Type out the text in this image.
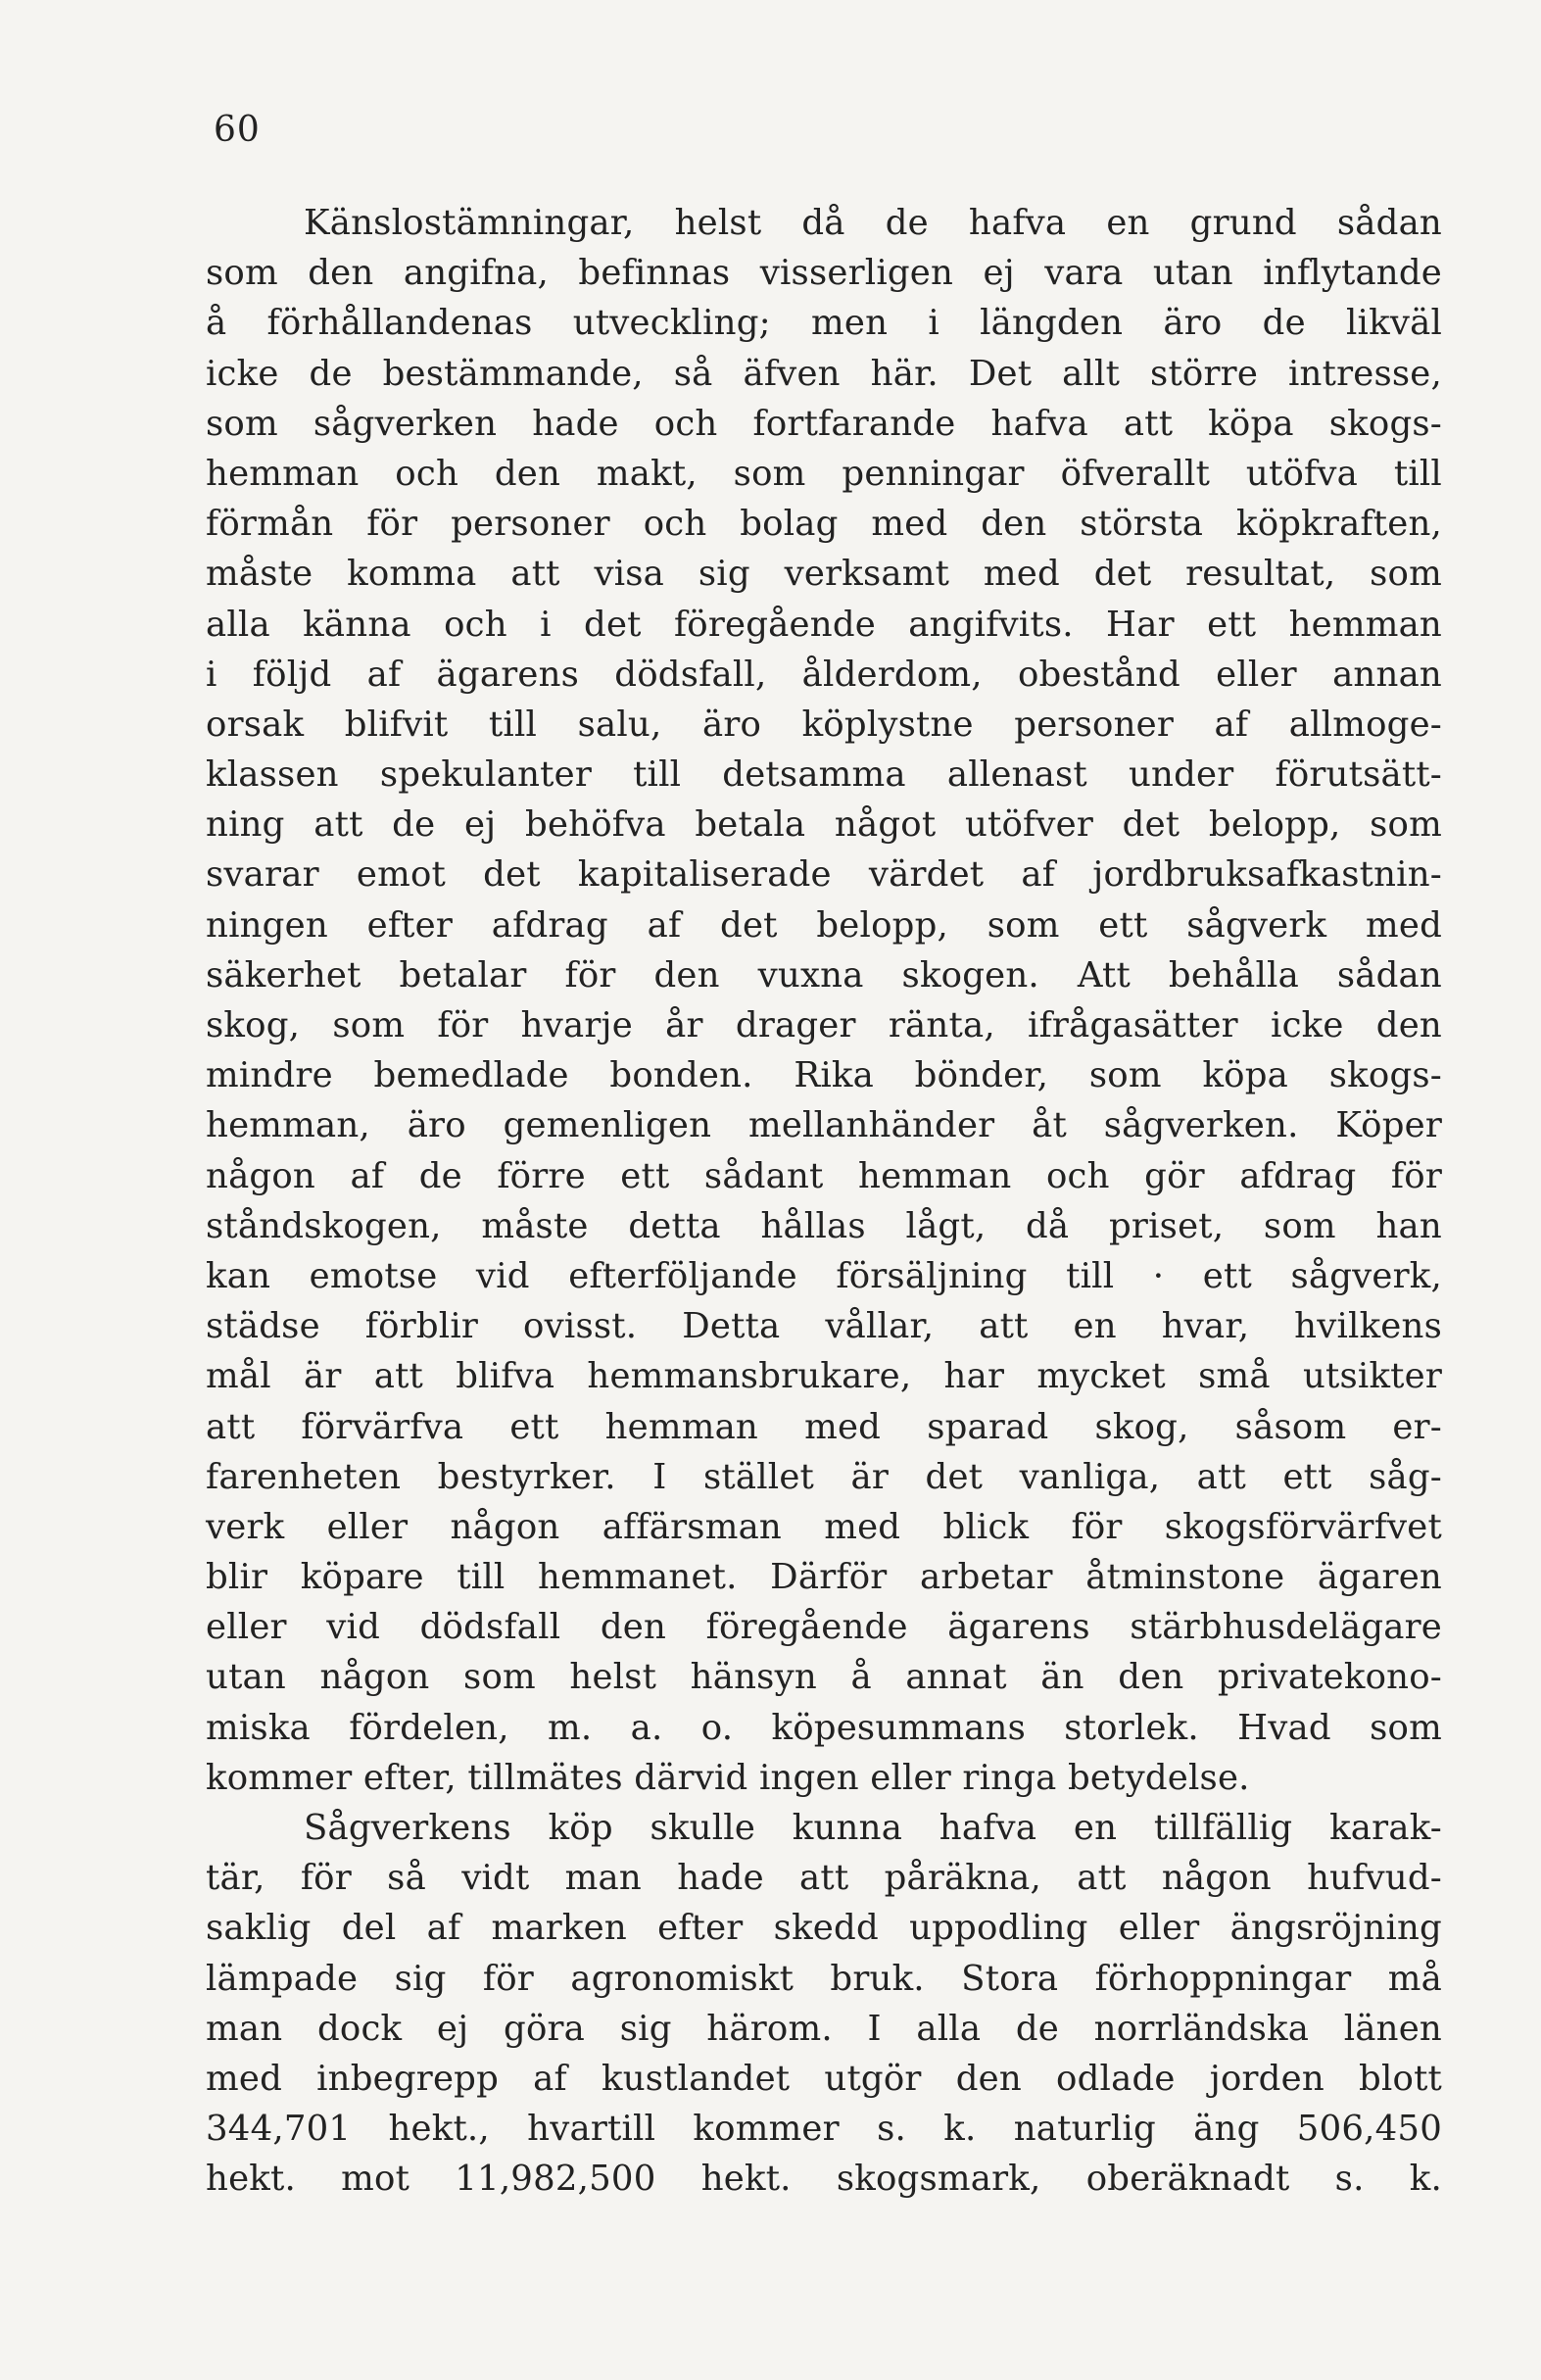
60
Känslostämningar, helst då de hafva en grund sådan
som den angifna, befinnas visserligen ej vara utan inflytande
å förhållandenas utveckling; men i längden äro de likväl
icke de bestämmande, så äfven här. Det allt större intresse,
som sågverken hade och fortfarande hafva att köpa skogs-
hemman och den makt, som penningar öfverallt utöfva till
förmån för personer och bolag med den största köpkraften,
måste komma att visa sig verksamt med det resultat, som
alla känna och i det föregående angifvits. Har ett hemman
i följd af ägarens dödsfall, ålderdom, obestånd eller annan
orsak blifvit till salu, äro köplystne personer af allmoge-
klassen spekulanter till detsamma allenast under förutsätt-
ning att de ej behöfva betala något utöfver det belopp, som
svarar emot det kapitaliserade värdet af jordbruksafkastnin-
ningen efter afdrag af det belopp, som ett sågverk med
säkerhet betalar för den vuxna skogen. Att behålla sådan
skog, som för hvarje år drager ränta, ifrågasätter icke den
mindre bemedlade bonden. Rika bönder, som köpa skogs-
hemman, äro gemenligen mellanhänder åt sågverken. Köper
någon af de förre ett sådant hemman och gör afdrag för
ståndskogen, måste detta hållas lågt, då priset, som han
kan emotse vid efterföljande försäljning till · ett sågverk,
städse förblir ovisst. Detta vållar, att en hvar, hvilkens
mål är att blifva hemmansbrukare, har mycket små utsikter
att förvärfva ett hemman med sparad skog, såsom er-
farenheten bestyrker. I stället är det vanliga, att ett såg-
verk eller någon affärsman med blick för skogsförvärfvet
blir köpare till hemmanet. Därför arbetar åtminstone ägaren
eller vid dödsfall den föregående ägarens stärbhusdelägare
utan någon som helst hänsyn å annat än den privatekono-
miska fördelen, m. a. o. köpesummans storlek. Hvad som
kommer efter, tillmätes därvid ingen eller ringa betydelse.
Sågverkens köp skulle kunna hafva en tillfällig karak-
tär, för så vidt man hade att påräkna, att någon hufvud-
saklig del af marken efter skedd uppodling eller ängsröjning
lämpade sig för agronomiskt bruk. Stora förhoppningar må
man dock ej göra sig härom. I alla de norrländska länen
med inbegrepp af kustlandet utgör den odlade jorden blott
344,701 hekt., hvartill kommer s. k. naturlig äng 506,450
hekt. mot 11,982,500 hekt. skogsmark, oberäknadt s. k.
